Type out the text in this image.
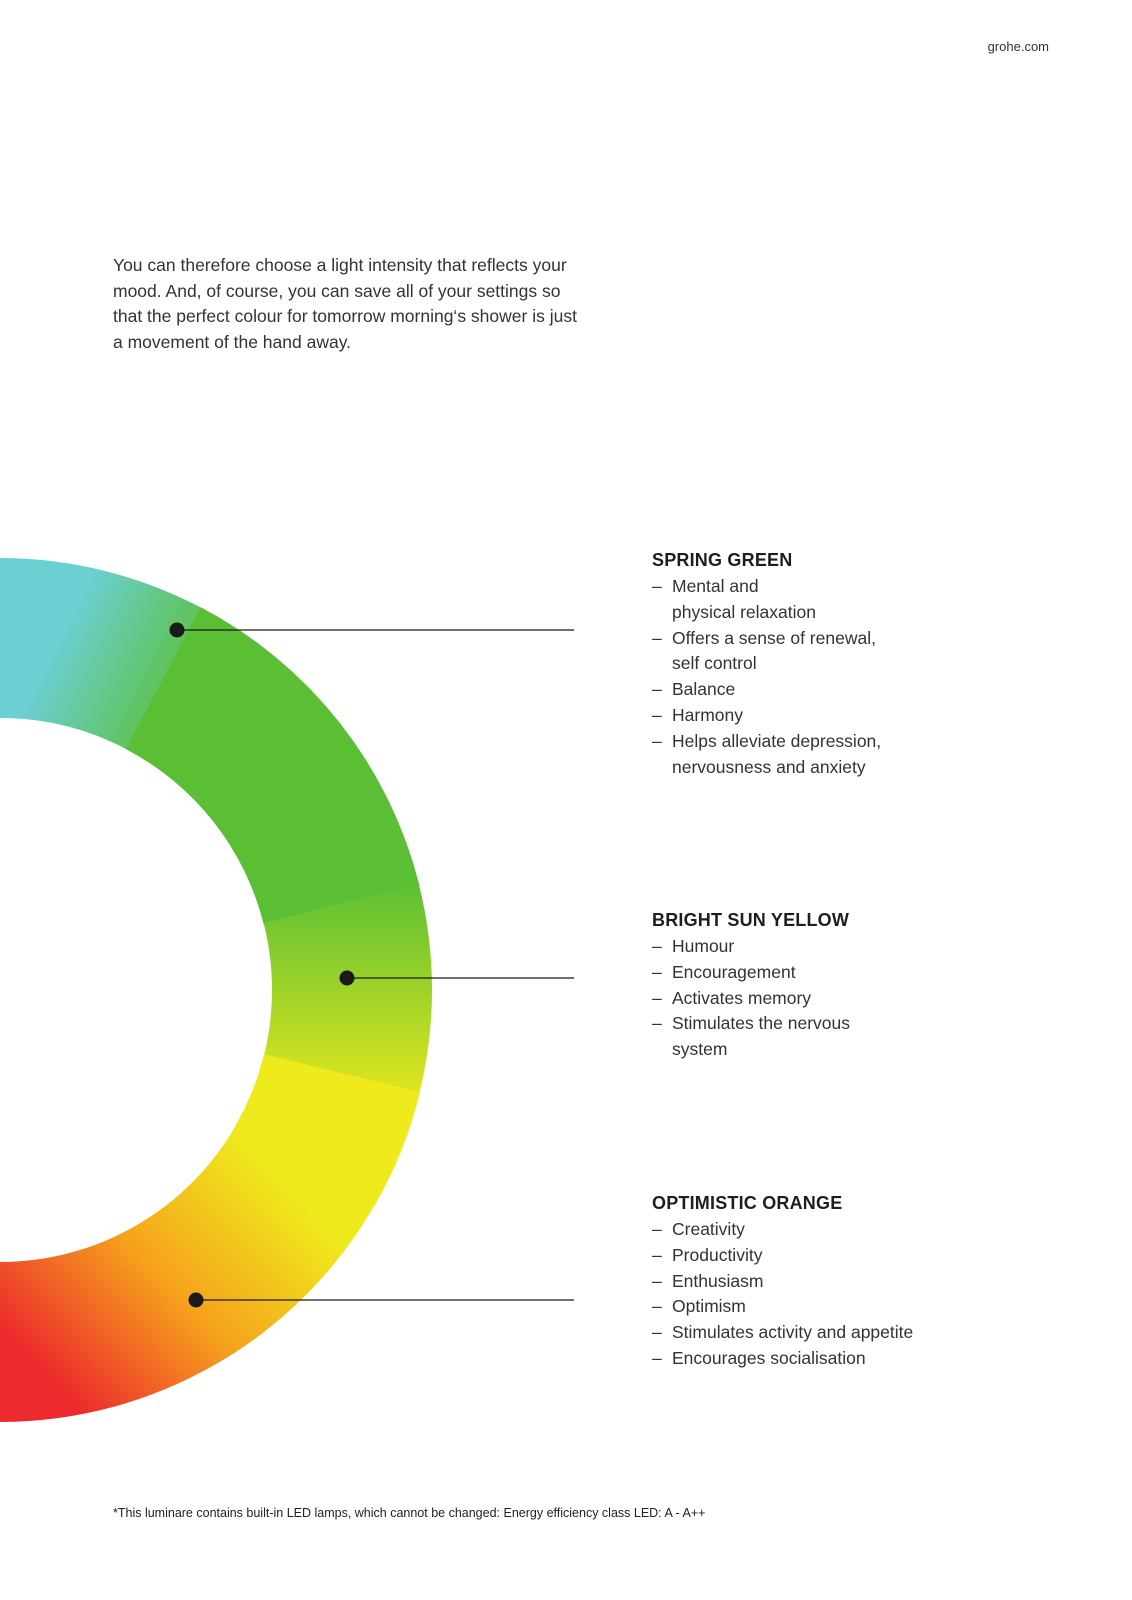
grohe.com

You can therefore choose a light intensity that reflects your mood. And, of course, you can save all of your settings so that the perfect colour for tomorrow morning‘s shower is just a movement of the hand away.

SPRING GREEN
– Mental and
physical relaxation
– Offers a sense of renewal,
self control
– Balance
– Harmony
– Helps alleviate depression,
nervousness and anxiety
BRIGHT SUN YELLOW
– Humour
– Encouragement
– Activates memory
– Stimulates the nervous
system
OPTIMISTIC ORANGE
– Creativity
– Productivity
– Enthusiasm
– Optimism
– Stimulates activity and appetite
– Encourages socialisation
*This luminare contains built-in LED lamps, which cannot be changed: Energy efficiency class LED: A - A++
